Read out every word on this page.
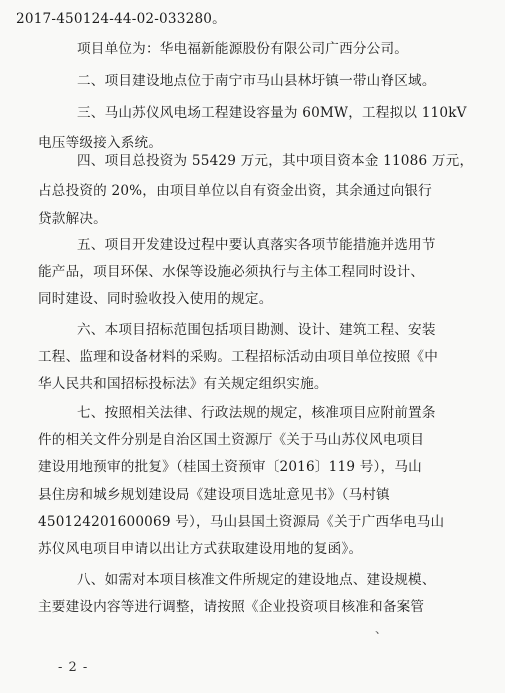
2017-450124-44-02-033280。
项目单位为：华电福新能源股份有限公司广西分公司。
二、项目建设地点位于南宁市马山县林圩镇一带山脊区域。
三、马山苏仪风电场工程建设容量为 60MW，工程拟以 110kV
电压等级接入系统。
四、项目总投资为 55429 万元，其中项目资本金 11086 万元，
占总投资的 20%，由项目单位以自有资金出资，其余通过向银行
贷款解决。
五、项目开发建设过程中要认真落实各项节能措施并选用节
能产品，项目环保、水保等设施必须执行与主体工程同时设计、
同时建设、同时验收投入使用的规定。
六、本项目招标范围包括项目勘测、设计、建筑工程、安装
工程、监理和设备材料的采购。工程招标活动由项目单位按照《中
华人民共和国招标投标法》有关规定组织实施。
七、按照相关法律、行政法规的规定，核准项目应附前置条
件的相关文件分别是自治区国土资源厅《关于马山苏仪风电项目
建设用地预审的批复》（桂国土资预审〔2016〕119 号），马山
县住房和城乡规划建设局《建设项目选址意见书》（马村镇
450124201600069 号），马山县国土资源局《关于广西华电马山
苏仪风电项目申请以出让方式获取建设用地的复函》。
八、如需对本项目核准文件所规定的建设地点、建设规模、
主要建设内容等进行调整，请按照《企业投资项目核准和备案管
、
- 2 -
